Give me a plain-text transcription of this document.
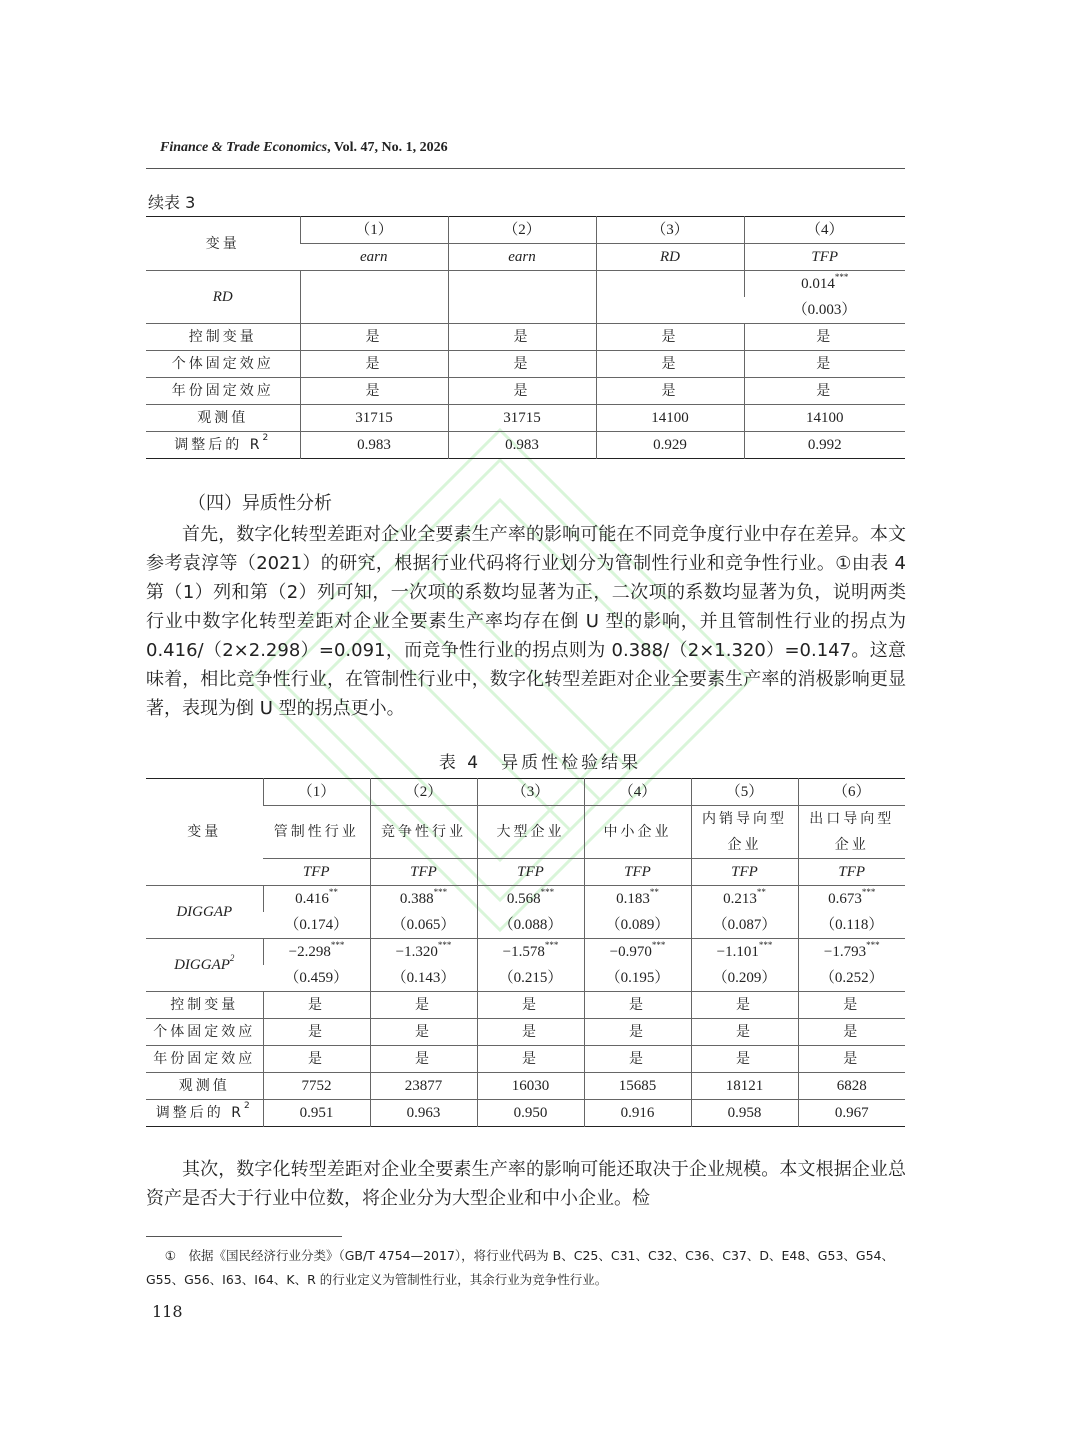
Finance & Trade Economics, Vol. 47, No. 1, 2026
续表 3
变量	（1）	（2）	（3）	（4）
	earn	earn	RD	TFP
RD				0.014***
				（0.003）
控制变量	是	是	是	是
个体固定效应	是	是	是	是
年份固定效应	是	是	是	是
观测值	31715	31715	14100	14100
调整后的 $R^2$	0.983	0.983	0.929	0.992
（四）异质性分析
首先，数字化转型差距对企业全要素生产率的影响可能在不同竞争度行业中存在差异。本文参考袁淳等（2021）的研究，根据行业代码将行业划分为管制性行业和竞争性行业。①由表 4 第（1）列和第（2）列可知，一次项的系数均显著为正，二次项的系数均显著为负，说明两类行业中数字化转型差距对企业全要素生产率均存在倒 U 型的影响，并且管制性行业的拐点为 0.416/（2×2.298）=0.091，而竞争性行业的拐点则为 0.388/（2×1.320）=0.147。这意味着，相比竞争性行业，在管制性行业中，数字化转型差距对企业全要素生产率的消极影响更显著，表现为倒 U 型的拐点更小。
表 4　异质性检验结果
变量	（1）	（2）	（3）	（4）	（5）	（6）
	管制性行业	竞争性行业	大型企业	中小企业	内销导向型企业	出口导向型企业
	TFP	TFP	TFP	TFP	TFP	TFP
DIGGAP	0.416**	0.388***	0.568***	0.183**	0.213**	0.673***
	（0.174）	（0.065）	（0.088）	（0.089）	（0.087）	（0.118）
$DIGGAP^2$	−2.298***	−1.320***	−1.578***	−0.970***	−1.101***	−1.793***
	（0.459）	（0.143）	（0.215）	（0.195）	（0.209）	（0.252）
控制变量	是	是	是	是	是	是
个体固定效应	是	是	是	是	是	是
年份固定效应	是	是	是	是	是	是
观测值	7752	23877	16030	15685	18121	6828
调整后的 $R^2$	0.951	0.963	0.950	0.916	0.958	0.967
其次，数字化转型差距对企业全要素生产率的影响可能还取决于企业规模。本文根据企业总资产是否大于行业中位数，将企业分为大型企业和中小企业。检
①　依据《国民经济行业分类》（GB/T 4754—2017），将行业代码为 B、C25、C31、C32、C36、C37、D、E48、G53、G54、G55、G56、I63、I64、K、R 的行业定义为管制性行业，其余行业为竞争性行业。
118
